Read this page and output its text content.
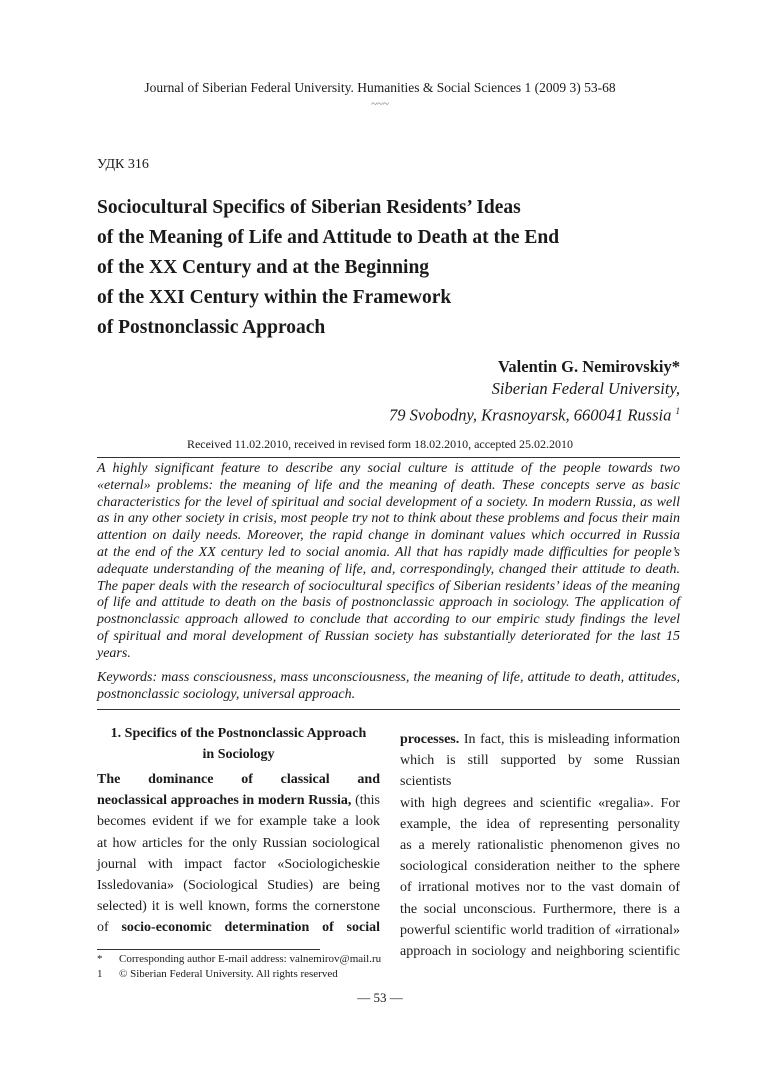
Journal of Siberian Federal University. Humanities & Social Sciences 1 (2009 3) 53-68
~~~
УДК 316
Sociocultural Specifics of Siberian Residents’ Ideas
of the Meaning of Life and Attitude to Death at the End
of the XX Century and at the Beginning
of the XXI Century within the Framework
of Postnonclassic Approach
Valentin G. Nemirovskiy*
Siberian Federal University,
79 Svobodny, Krasnoyarsk, 660041 Russia $^1$
Received 11.02.2010, received in revised form 18.02.2010, accepted 25.02.2010
A highly significant feature to describe any social culture is attitude of the people towards two
«eternal» problems: the meaning of life and the meaning of death. These concepts serve as basic
characteristics for the level of spiritual and social development of a society. In modern Russia, as well
as in any other society in crisis, most people try not to think about these problems and focus their main
attention on daily needs. Moreover, the rapid change in dominant values which occurred in Russia
at the end of the XX century led to social anomia. All that has rapidly made difficulties for people’s
adequate understanding of the meaning of life, and, correspondingly, changed their attitude to death.
The paper deals with the research of sociocultural specifics of Siberian residents’ ideas of the meaning
of life and attitude to death on the basis of postnonclassic approach in sociology. The application of
postnonclassic approach allowed to conclude that according to our empiric study findings the level
of spiritual and moral development of Russian society has substantially deteriorated for the last 15
years.
Keywords: mass consciousness, mass unconsciousness, the meaning of life, attitude to death, attitudes,
postnonclassic sociology, universal approach.
1. Specifics of the Postnonclassic Approach
in Sociology
The dominance of classical and
neoclassical approaches in modern Russia, (this
becomes evident if we for example take a look
at how articles for the only Russian sociological
journal with impact factor «Sociologicheskie
Issledovania» (Sociological Studies) are being
selected) it is well known, forms the cornerstone
of socio-economic determination of social
processes. In fact, this is misleading information
which is still supported by some Russian scientists
with high degrees and scientific «regalia». For
example, the idea of representing personality
as a merely rationalistic phenomenon gives no
sociological consideration neither to the sphere
of irrational motives nor to the vast domain of
the social unconscious. Furthermore, there is a
powerful scientific world tradition of «irrational»
approach in sociology and neighboring scientific
* Corresponding author E-mail address: valnemirov@mail.ru
1 © Siberian Federal University. All rights reserved
— 53 —
